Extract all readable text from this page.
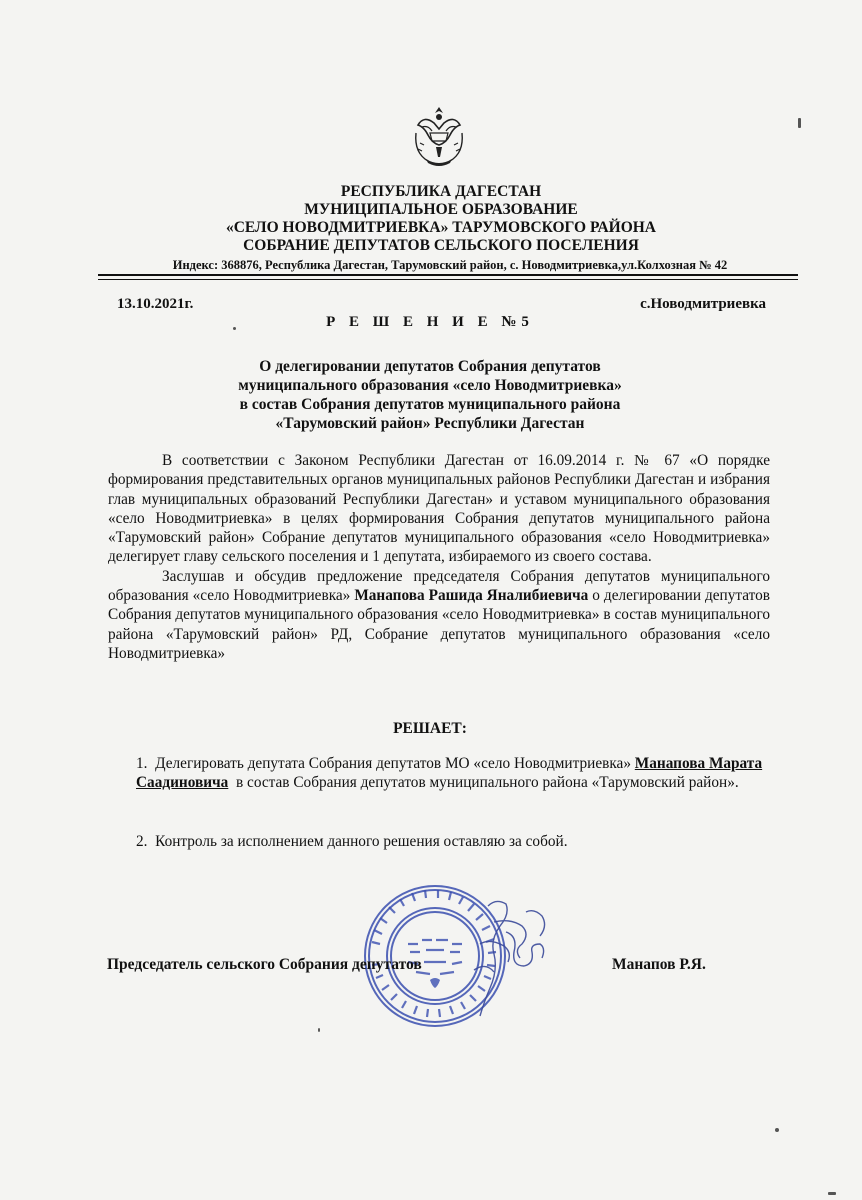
РЕСПУБЛИКА ДАГЕСТАН
МУНИЦИПАЛЬНОЕ ОБРАЗОВАНИЕ
«СЕЛО НОВОДМИТРИЕВКА» ТАРУМОВСКОГО РАЙОНА
СОБРАНИЕ ДЕПУТАТОВ СЕЛЬСКОГО ПОСЕЛЕНИЯ
Индекс: 368876, Республика Дагестан, Тарумовский район, с. Новодмитриевка,ул.Колхозная № 42
13.10.2021г.	с.Новодмитриевка
Р Е Ш Е Н И Е №5
О делегировании депутатов Собрания депутатов
муниципального образования «село Новодмитриевка»
в состав Собрания депутатов муниципального района
«Тарумовский район» Республики Дагестан

В соответствии с Законом Республики Дагестан от 16.09.2014 г. № 67 «О порядке формирования представительных органов муниципальных районов Республики Дагестан и избрания глав муниципальных образований Республики Дагестан» и уставом муниципального образования «село Новодмитриевка» в целях формирования Собрания депутатов муниципального района «Тарумовский район» Собрание депутатов муниципального образования «село Новодмитриевка» делегирует главу сельского поселения и 1 депутата, избираемого из своего состава.

Заслушав и обсудив предложение председателя Собрания депутатов муниципального образования «село Новодмитриевка» Манапова Рашида Яналибиевича о делегировании депутатов Собрания депутатов муниципального образования «село Новодмитриевка» в состав муниципального района «Тарумовский район» РД, Собрание депутатов муниципального образования «село Новодмитриевка»

РЕШАЕТ:
1. Делегировать депутата Собрания депутатов МО «село Новодмитриевка» Манапова Марата Саадиновича в состав Собрания депутатов муниципального района «Тарумовский район».
2. Контроль за исполнением данного решения оставляю за собой.
Председатель сельского Собрания депутатов	Манапов Р.Я.
